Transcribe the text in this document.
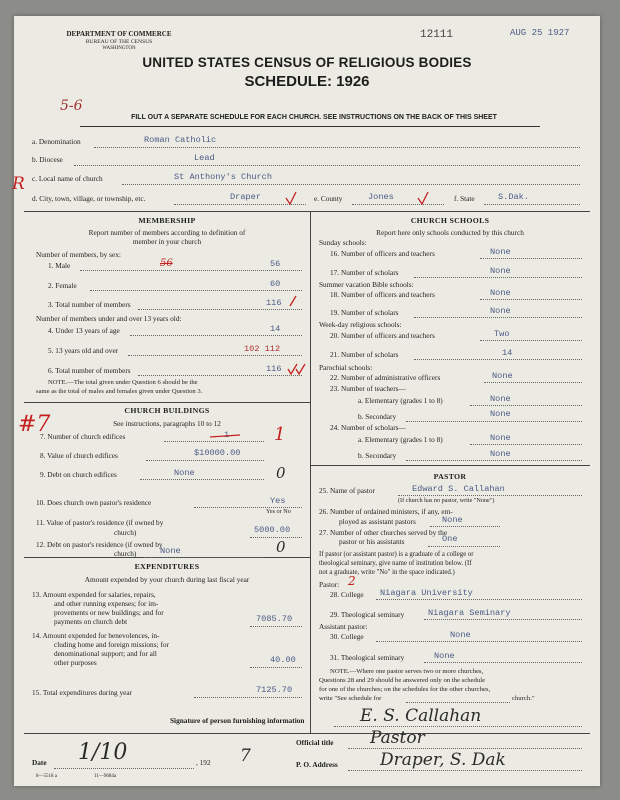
DEPARTMENT OF COMMERCE
BUREAU OF THE CENSUS
WASHINGTON
12111	AUG 25 1927
UNITED STATES CENSUS OF RELIGIOUS BODIES
SCHEDULE: 1926
5-6
FILL OUT A SEPARATE SCHEDULE FOR EACH CHURCH. SEE INSTRUCTIONS ON THE BACK OF THIS SHEET
a. Denomination	Roman Catholic
b. Diocese	Lead
R c. Local name of church	St Anthony's Church
d. City, town, village, or township, etc.	Draper	e. County	Jones	f. State	S.Dak.
MEMBERSHIP
Report number of members according to definition of
member in your church
Number of members, by sex:
1. Male	56	56
2. Female	60
3. Total number of members	116
Number of members under and over 13 years old:
4. Under 13 years of age	14
5. 13 years old and over	102 112
6. Total number of members	116
NOTE.—The total given under Question 6 should be the
same as the total of males and females given under Question 3.
CHURCH BUILDINGS
See instructions, paragraphs 10 to 12
#7
7. Number of church edifices	1 1
8. Value of church edifices	$10000.00
9. Debt on church edifices	None	0
10. Does church own pastor's residence	Yes
Yes or No
11. Value of pastor's residence (if owned by
church)	5000.00
12. Debt on pastor's residence (if owned by
church)	None	0
EXPENDITURES
Amount expended by your church during last fiscal year
13. Amount expended for salaries, repairs,
and other running expenses; for im-
provements or new buildings; and for
payments on church debt	7085.70
14. Amount expended for benevolences, in-
cluding home and foreign missions; for
denominational support; and for all
other purposes	40.00
15. Total expenditures during year	7125.70
CHURCH SCHOOLS
Report here only schools conducted by this church
Sunday schools:
16. Number of officers and teachers	None
17. Number of scholars	None
Summer vacation Bible schools:
18. Number of officers and teachers	None
19. Number of scholars	None
Week-day religious schools:
20. Number of officers and teachers	Two
21. Number of scholars	14
Parochial schools:
22. Number of administrative officers	None
23. Number of teachers—
a. Elementary (grades 1 to 8)	None
b. Secondary	None
24. Number of scholars—
a. Elementary (grades 1 to 8)	None
b. Secondary	None
PASTOR
25. Name of pastor	Edward S. Callahan
(If church has no pastor, write "None")
26. Number of ordained ministers, if any, em-
ployed as assistant pastors	None
27. Number of other churches served by the
pastor or his assistants	One
If pastor (or assistant pastor) is a graduate of a college or
theological seminary, give name of institution below. (If
not a graduate, write "No" in the space indicated.)
Pastor: 2
28. College Niagara University
29. Theological seminary	Niagara Seminary
Assistant pastor:
30. College	None
31. Theological seminary	None
NOTE.—Where one pastor serves two or more churches,
Questions 28 and 29 should be answered only on the schedule
for one of the churches; on the schedules for the other churches,
write "See schedule for	church."
Signature of person furnishing information	E. S. Callahan
Official title Pastor
Date 1/10	, 192 7	P. O. Address Draper, S. Dak
8—5518 a	11—9684a
